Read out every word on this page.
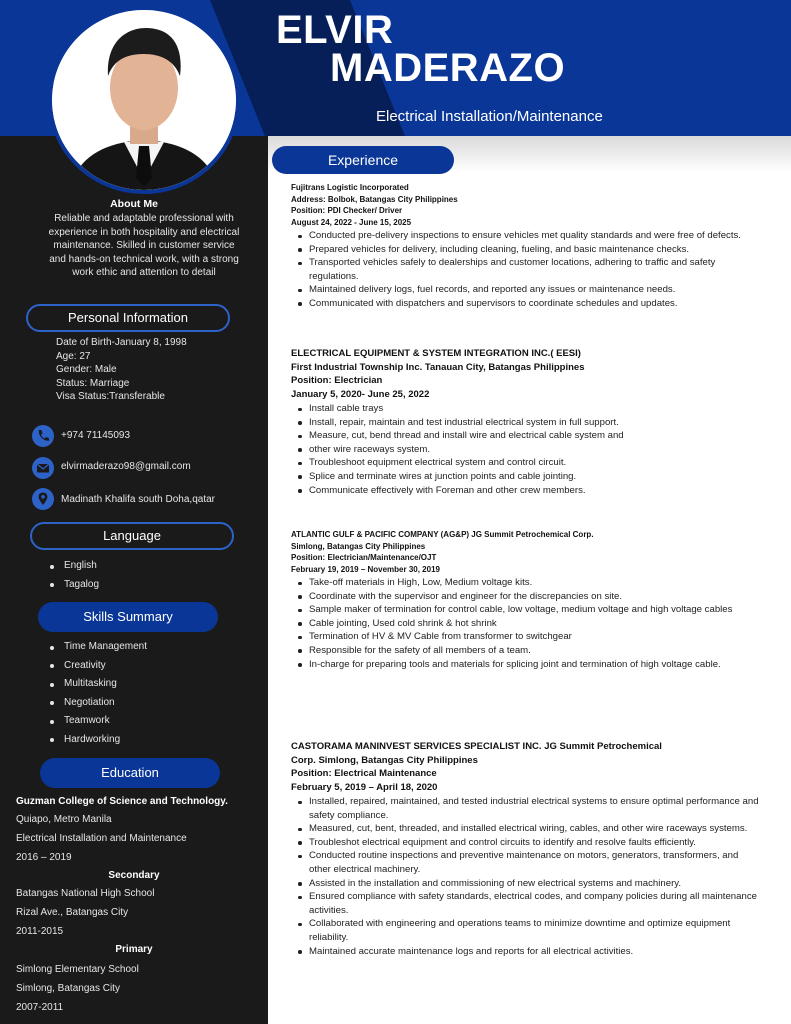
ELVIR
MADERAZO
Electrical Installation/Maintenance
About Me
Reliable and adaptable professional with experience in both hospitality and electrical maintenance. Skilled in customer service and hands-on technical work, with a strong work ethic and attention to detail
Personal Information
Date of Birth-January 8, 1998
Age: 27
Gender: Male
Status: Marriage
Visa Status:Transferable
+974 71145093
elvirmaderazo98@gmail.com
Madinath Khalifa south Doha,qatar
Language
English
Tagalog
Skills Summary
Time Management
Creativity
Multitasking
Negotiation
Teamwork
Hardworking
Education
Guzman College of Science and Technology.
Quiapo, Metro Manila
Electrical Installation and Maintenance
2016 – 2019
Secondary
Batangas National High School
Rizal Ave., Batangas City
2011-2015
Primary
Simlong Elementary School
Simlong, Batangas City
2007-2011
Experience
Fujitrans Logistic Incorporated
Address: Bolbok, Batangas City Philippines
Position: PDI Checker/ Driver
August 24, 2022 - June 15, 2025
Conducted pre-delivery inspections to ensure vehicles met quality standards and were free of defects.
Prepared vehicles for delivery, including cleaning, fueling, and basic maintenance checks.
Transported vehicles safely to dealerships and customer locations, adhering to traffic and safety regulations.
Maintained delivery logs, fuel records, and reported any issues or maintenance needs.
Communicated with dispatchers and supervisors to coordinate schedules and updates.
ELECTRICAL EQUIPMENT & SYSTEM INTEGRATION INC.( EESI)
First Industrial Township Inc. Tanauan City, Batangas Philippines
Position: Electrician
January 5, 2020- June 25, 2022
Install cable trays
Install, repair, maintain and test industrial electrical system in full support.
Measure, cut, bend thread and install wire and electrical cable system and
other wire raceways system.
Troubleshoot equipment electrical system and control circuit.
Splice and terminate wires at junction points and cable jointing.
Communicate effectively with Foreman and other crew members.
ATLANTIC GULF & PACIFIC COMPANY (AG&P) JG Summit Petrochemical Corp.
Simlong, Batangas City Philippines
Position: Electrician/Maintenance/OJT
February 19, 2019 – November 30, 2019
Take-off materials in High, Low, Medium voltage kits.
Coordinate with the supervisor and engineer for the discrepancies on site.
Sample maker of termination for control cable, low voltage, medium voltage and high voltage cables
Cable jointing, Used cold shrink & hot shrink
Termination of HV & MV Cable from transformer to switchgear
Responsible for the safety of all members of a team.
In-charge for preparing tools and materials for splicing joint and termination of high voltage cable.
CASTORAMA MANINVEST SERVICES SPECIALIST INC. JG Summit Petrochemical
Corp. Simlong, Batangas City Philippines
Position: Electrical Maintenance
February 5, 2019 – April 18, 2020
Installed, repaired, maintained, and tested industrial electrical systems to ensure optimal performance and safety compliance.
Measured, cut, bent, threaded, and installed electrical wiring, cables, and other wire raceways systems.
Troubleshot electrical equipment and control circuits to identify and resolve faults efficiently.
Conducted routine inspections and preventive maintenance on motors, generators, transformers, and other electrical machinery.
Assisted in the installation and commissioning of new electrical systems and machinery.
Ensured compliance with safety standards, electrical codes, and company policies during all maintenance activities.
Collaborated with engineering and operations teams to minimize downtime and optimize equipment reliability.
Maintained accurate maintenance logs and reports for all electrical activities.
